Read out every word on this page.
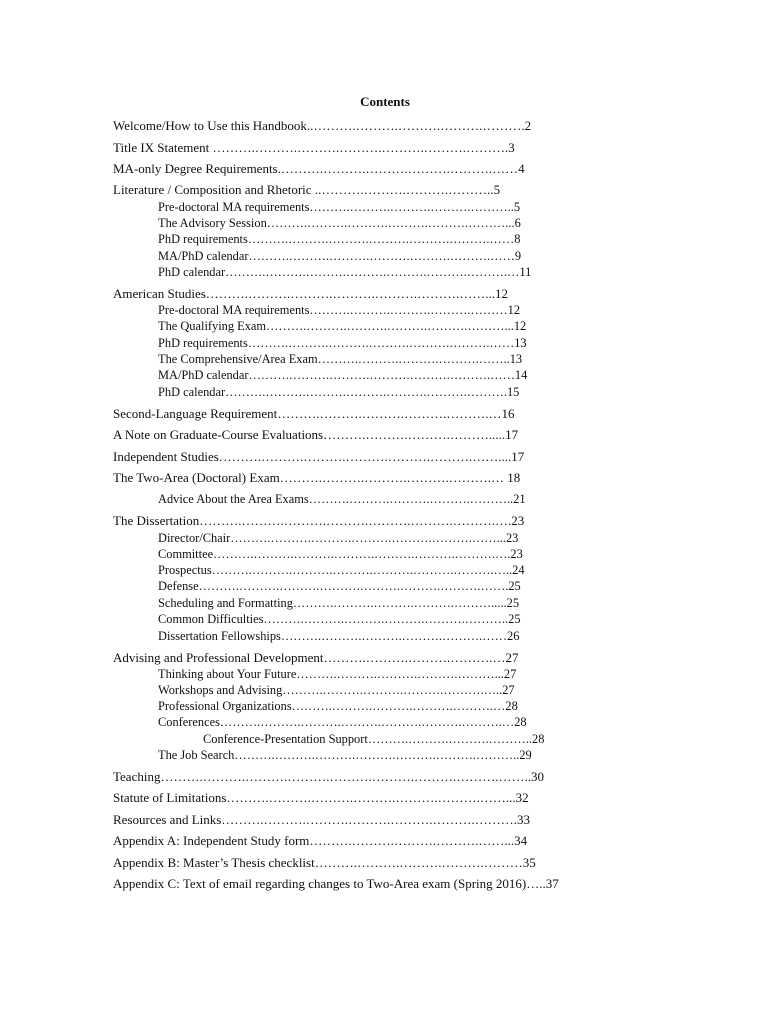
Contents
Welcome/How to Use this Handbook..……….……….……….……….……….2
Title IX Statement ……….……….……….……….……….……….……….3
MA-only Degree Requirements.……….……….……….……….……….……4
Literature / Composition and Rhetoric ..……….……….……….………..5
Pre-doctoral MA requirements……….……….……….……….………..5
The Advisory Session……….……….……….……….……….………...6
PhD requirements……….……….……….……….……….……….……8
MA/PhD calendar……….……….……….……….……….……….……9
PhD calendar……….……….……….……….……….……….……….…11
American Studies……….……….……….……….……….……….……...12
Pre-doctoral MA requirements……….……….……….……….………12
The Qualifying Exam……….……….……….……….……….………...12
PhD requirements……….……….……….……….……….……….……13
The Comprehensive/Area Exam……….……….……….……….……..13
MA/PhD calendar……….……….……….……….……….……….……14
PhD calendar……….……….……….……….……….……….……….15
Second-Language Requirement……….……….……….……….……….…16
A Note on Graduate-Course Evaluations……….……….……….……….....17
Independent Studies……….……….……….……….……….……….……....17
The Two-Area (Doctoral) Exam……….……….……….……….……….… 18
Advice About the Area Exams……….……….……….……….………..21
The Dissertation……….……….……….……….……….……….……….….23
Director/Chair……….……….……….……….……….……….……...23
Committee……….……….……….……….……….……….……….….23
Prospectus……….……….……….……….……….……….……….…..24
Defense……….……….……….……….……….……….……….…….25
Scheduling and Formatting……….……….……….……….……….....25
Common Difficulties……….……….……….……….……….………..25
Dissertation Fellowships……….……….……….……….……….……26
Advising and Professional Development……….……….……….……….…27
Thinking about Your Future……….……….……….……….………...27
Workshops and Advising……….……….……….……….……….…..27
Professional Organizations……….……….……….……….……….…28
Conferences……….……….……….……….……….……….……….…28
Conference-Presentation Support……….……….……….………..28
The Job Search……….……….……….……….……….……….………..29
Teaching……….……….……….……….……….……….……….……….……..30
Statute of Limitations……….……….……….……….……….……….……...32
Resources and Links……….……….……….……….……….……….……….33
Appendix A: Independent Study form……….……….……….……….……...34
Appendix B: Master’s Thesis checklist……….……….……….……….………35
Appendix C: Text of email regarding changes to Two-Area exam (Spring 2016)…..37
